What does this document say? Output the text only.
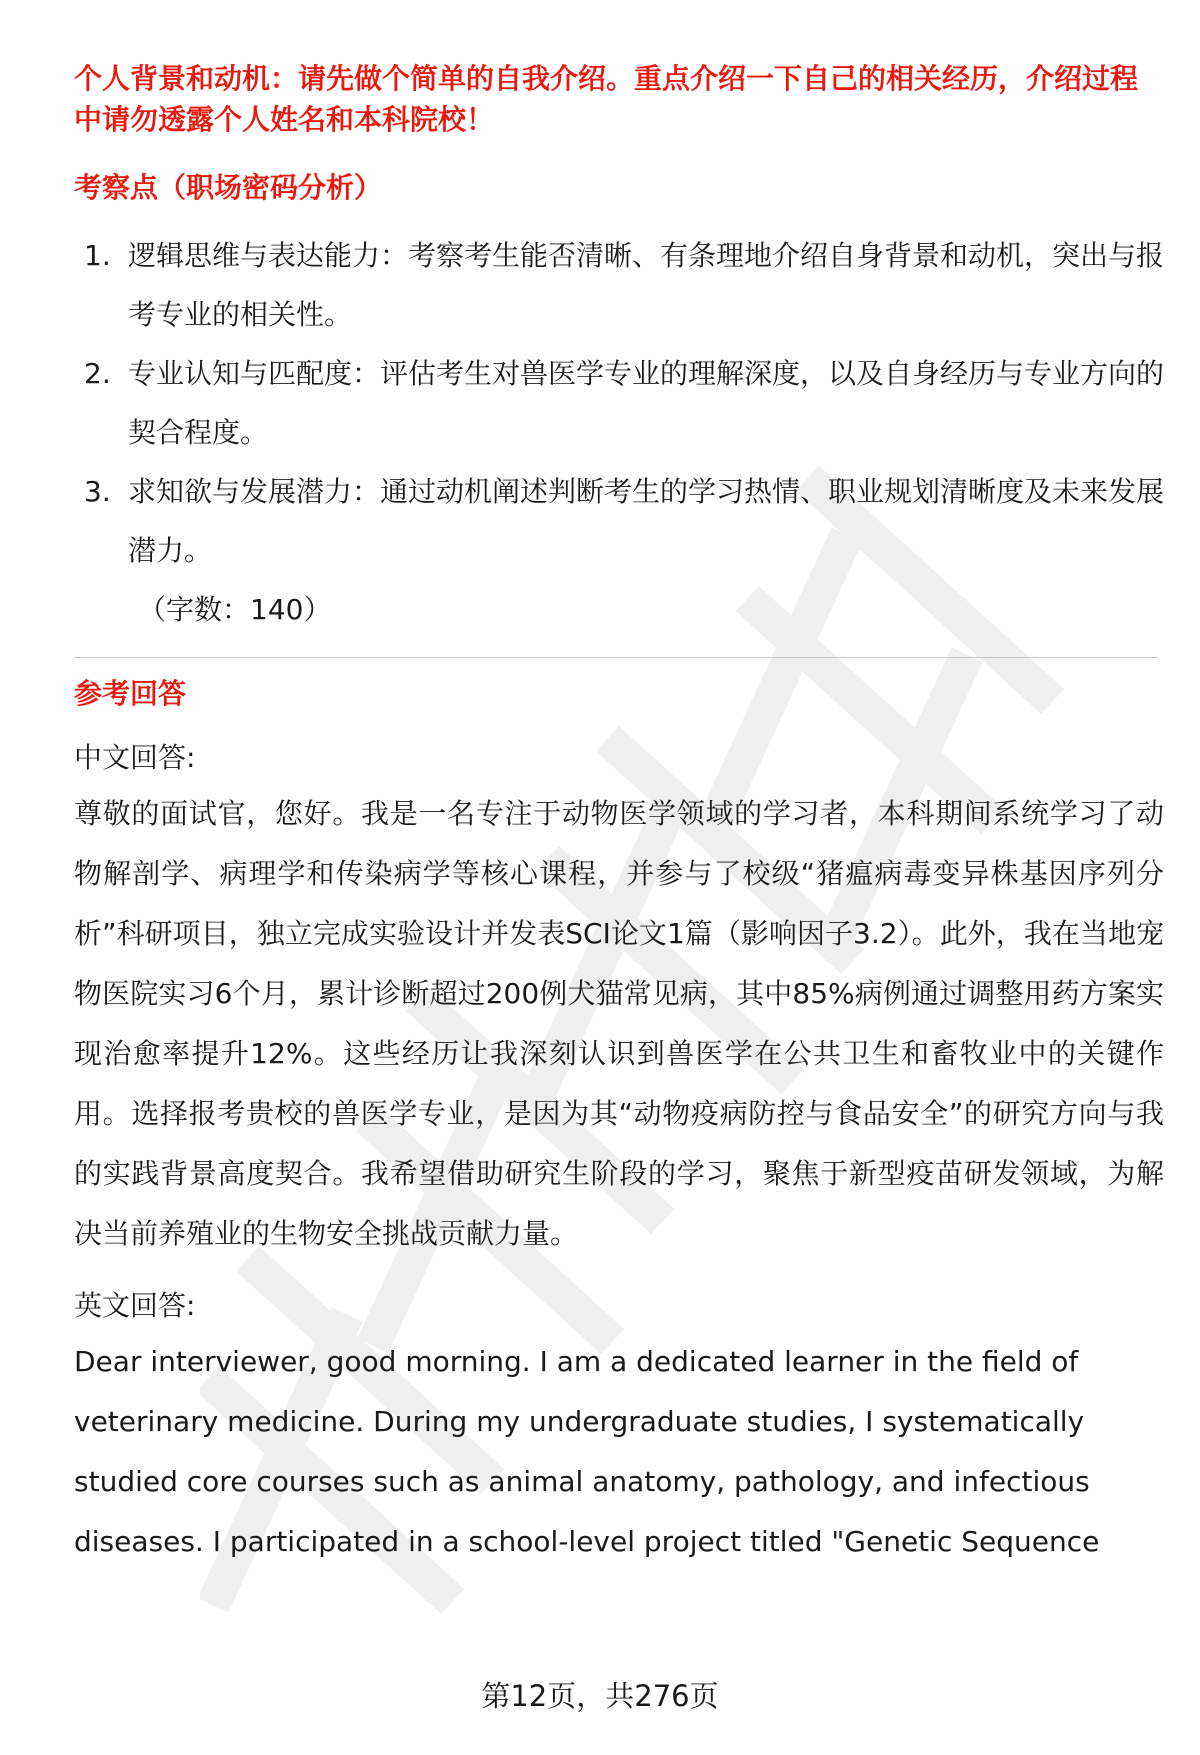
个人背景和动机：请先做个简单的自我介绍。重点介绍一下自己的相关经历，介绍过程中请勿透露个人姓名和本科院校！

考察点（职场密码分析）
1. 逻辑思维与表达能力：考察考生能否清晰、有条理地介绍自身背景和动机，突出与报考专业的相关性。
2. 专业认知与匹配度：评估考生对兽医学专业的理解深度，以及自身经历与专业方向的契合程度。
3. 求知欲与发展潜力：通过动机阐述判断考生的学习热情、职业规划清晰度及未来发展潜力。
（字数：140）
参考回答
中文回答:
尊敬的面试官，您好。我是一名专注于动物医学领域的学习者，本科期间系统学习了动物解剖学、病理学和传染病学等核心课程，并参与了校级“猪瘟病毒变异株基因序列分析”科研项目，独立完成实验设计并发表SCI论文1篇（影响因子3.2）。此外，我在当地宠物医院实习6个月，累计诊断超过200例犬猫常见病，其中85%病例通过调整用药方案实现治愈率提升12%。这些经历让我深刻认识到兽医学在公共卫生和畜牧业中的关键作用。选择报考贵校的兽医学专业，是因为其“动物疫病防控与食品安全”的研究方向与我的实践背景高度契合。我希望借助研究生阶段的学习，聚焦于新型疫苗研发领域，为解决当前养殖业的生物安全挑战贡献力量。
英文回答:
Dear interviewer, good morning. I am a dedicated learner in the field of veterinary medicine. During my undergraduate studies, I systematically studied core courses such as animal anatomy, pathology, and infectious diseases. I participated in a school-level project titled "Genetic Sequence
第12页，共276页
